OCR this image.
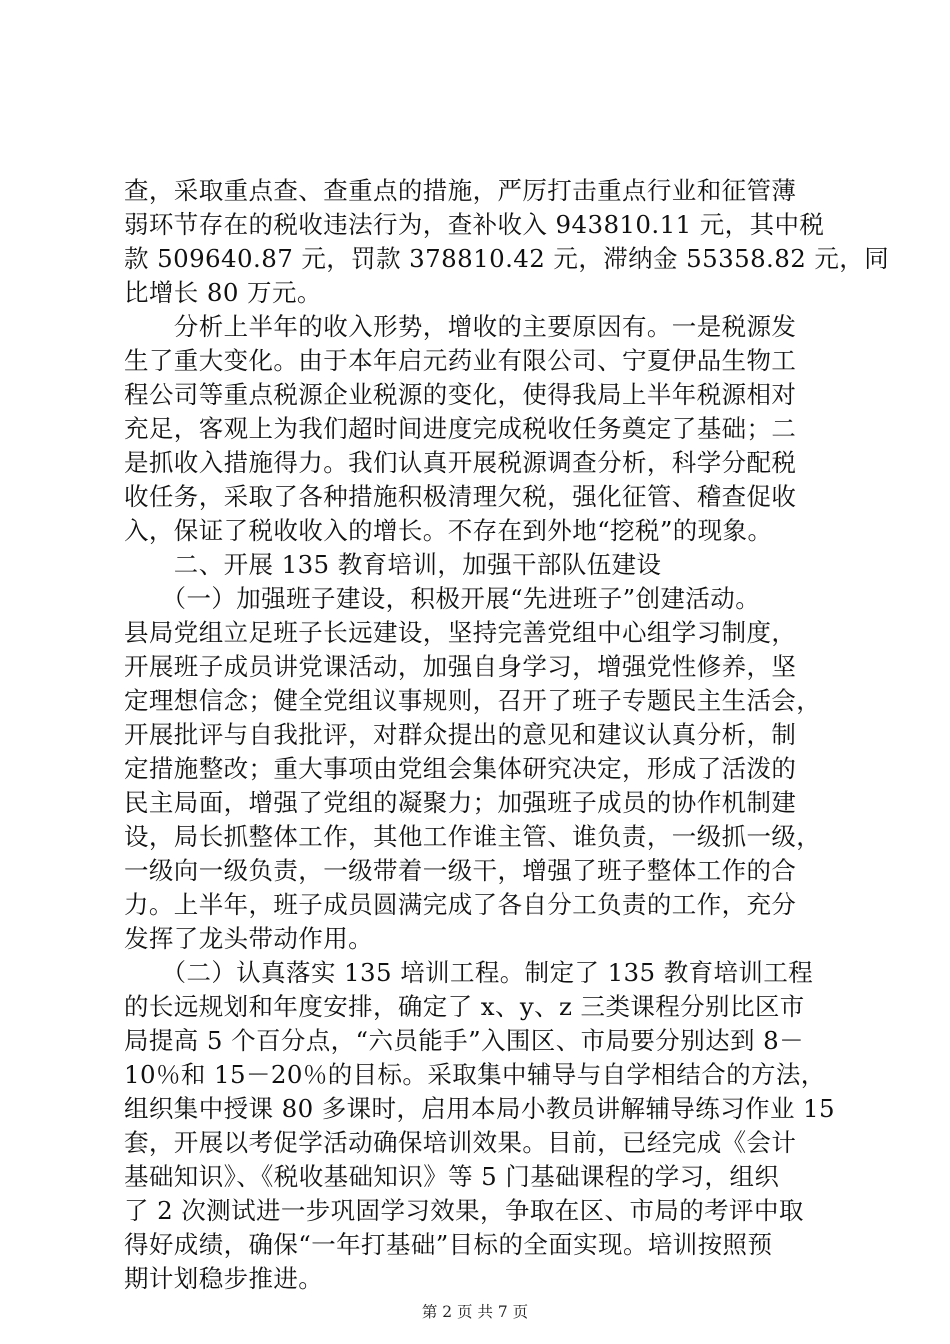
查，采取重点查、查重点的措施，严厉打击重点行业和征管薄
弱环节存在的税收违法行为，查补收入 943810.11 元，其中税
款 509640.87 元，罚款 378810.42 元，滞纳金 55358.82 元，同
比增长 80 万元。
　　分析上半年的收入形势，增收的主要原因有。一是税源发
生了重大变化。由于本年启元药业有限公司、宁夏伊品生物工
程公司等重点税源企业税源的变化，使得我局上半年税源相对
充足，客观上为我们超时间进度完成税收任务奠定了基础；二
是抓收入措施得力。我们认真开展税源调查分析，科学分配税
收任务，采取了各种措施积极清理欠税，强化征管、稽查促收
入，保证了税收收入的增长。不存在到外地“挖税”的现象。
　　二、开展 135 教育培训，加强干部队伍建设
　　（一）加强班子建设，积极开展“先进班子”创建活动。
县局党组立足班子长远建设，坚持完善党组中心组学习制度，
开展班子成员讲党课活动，加强自身学习，增强党性修养，坚
定理想信念；健全党组议事规则，召开了班子专题民主生活会，
开展批评与自我批评，对群众提出的意见和建议认真分析，制
定措施整改；重大事项由党组会集体研究决定，形成了活泼的
民主局面，增强了党组的凝聚力；加强班子成员的协作机制建
设，局长抓整体工作，其他工作谁主管、谁负责，一级抓一级，
一级向一级负责，一级带着一级干，增强了班子整体工作的合
力。上半年，班子成员圆满完成了各自分工负责的工作，充分
发挥了龙头带动作用。
　　（二）认真落实 135 培训工程。制定了 135 教育培训工程
的长远规划和年度安排，确定了 x、y、z 三类课程分别比区市
局提高 5 个百分点，“六员能手”入围区、市局要分别达到 8－
10％和 15－20％的目标。采取集中辅导与自学相结合的方法，
组织集中授课 80 多课时，启用本局小教员讲解辅导练习作业 15
套，开展以考促学活动确保培训效果。目前，已经完成《会计
基础知识》、《税收基础知识》等 5 门基础课程的学习，组织
了 2 次测试进一步巩固学习效果，争取在区、市局的考评中取
得好成绩，确保“一年打基础”目标的全面实现。培训按照预
期计划稳步推进。
第 2 页 共 7 页
